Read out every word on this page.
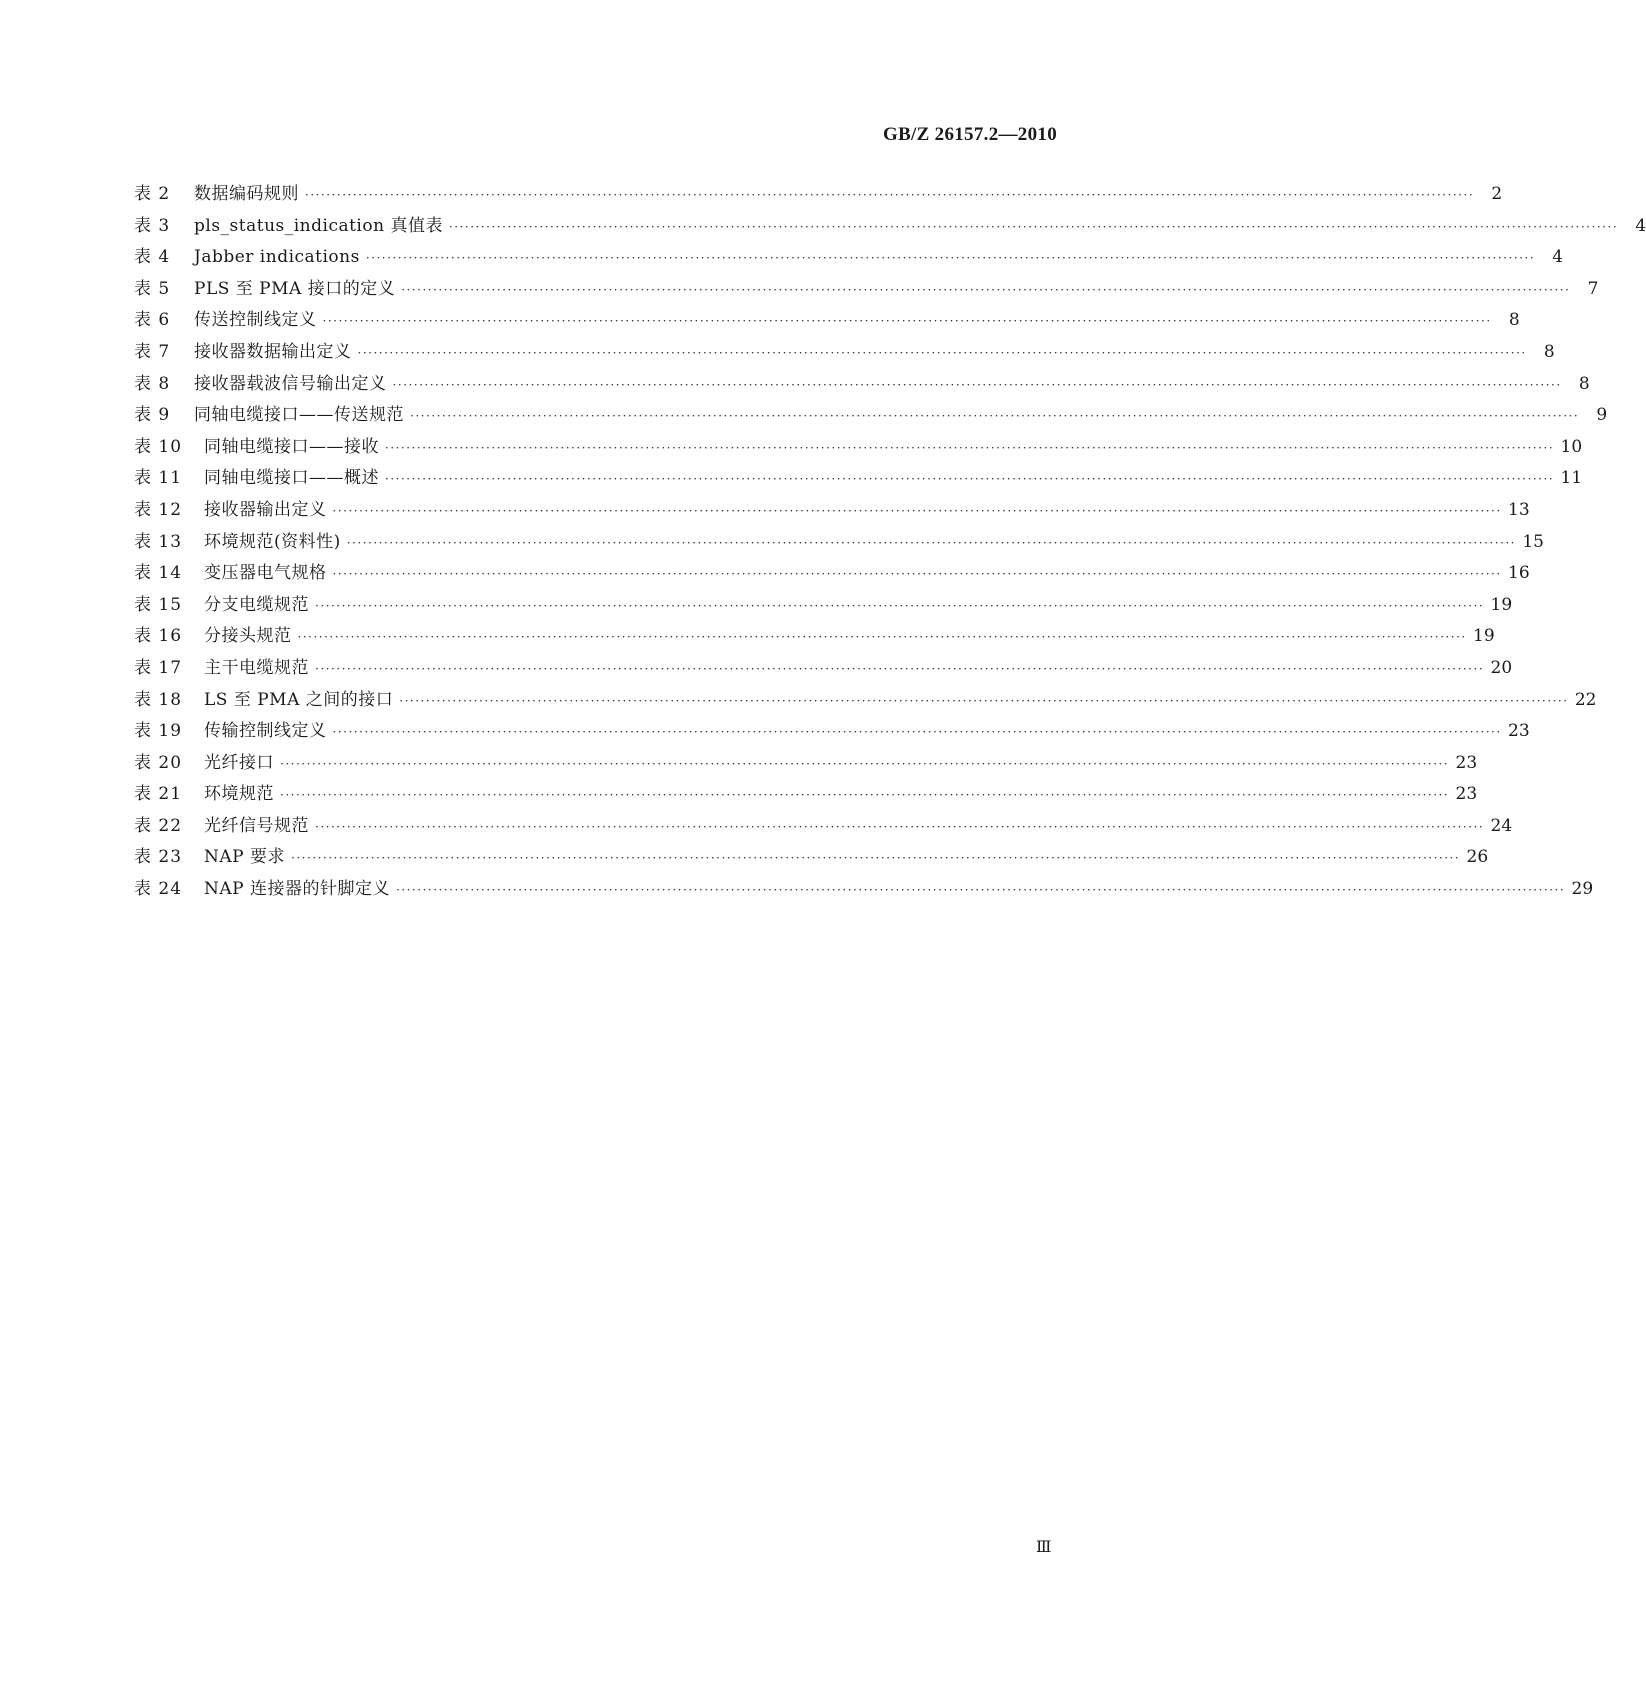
GB/Z 26157.2—2010
表 2	数据编码规则 ····························································································································································································································	2
表 3	pls_status_indication 真值表 ····························································································································································································································	4
表 4	Jabber indications ····························································································································································································································	4
表 5	PLS 至 PMA 接口的定义 ····························································································································································································································	7
表 6	传送控制线定义 ····························································································································································································································	8
表 7	接收器数据输出定义 ····························································································································································································································	8
表 8	接收器载波信号输出定义 ····························································································································································································································	8
表 9	同轴电缆接口——传送规范 ····························································································································································································································	9
表 10	同轴电缆接口——接收 ···························································································································································································································· 10
表 11	同轴电缆接口——概述 ···························································································································································································································· 11
表 12	接收器输出定义 ···························································································································································································································· 13
表 13	环境规范(资料性) ···························································································································································································································· 15
表 14	变压器电气规格 ···························································································································································································································· 16
表 15	分支电缆规范 ···························································································································································································································· 19
表 16	分接头规范 ···························································································································································································································· 19
表 17	主干电缆规范 ···························································································································································································································· 20
表 18	LS 至 PMA 之间的接口 ···························································································································································································································· 22
表 19	传输控制线定义 ···························································································································································································································· 23
表 20	光纤接口 ···························································································································································································································· 23
表 21	环境规范 ···························································································································································································································· 23
表 22	光纤信号规范 ···························································································································································································································· 24
表 23	NAP 要求 ···························································································································································································································· 26
表 24	NAP 连接器的针脚定义 ···························································································································································································································· 29
Ⅲ
